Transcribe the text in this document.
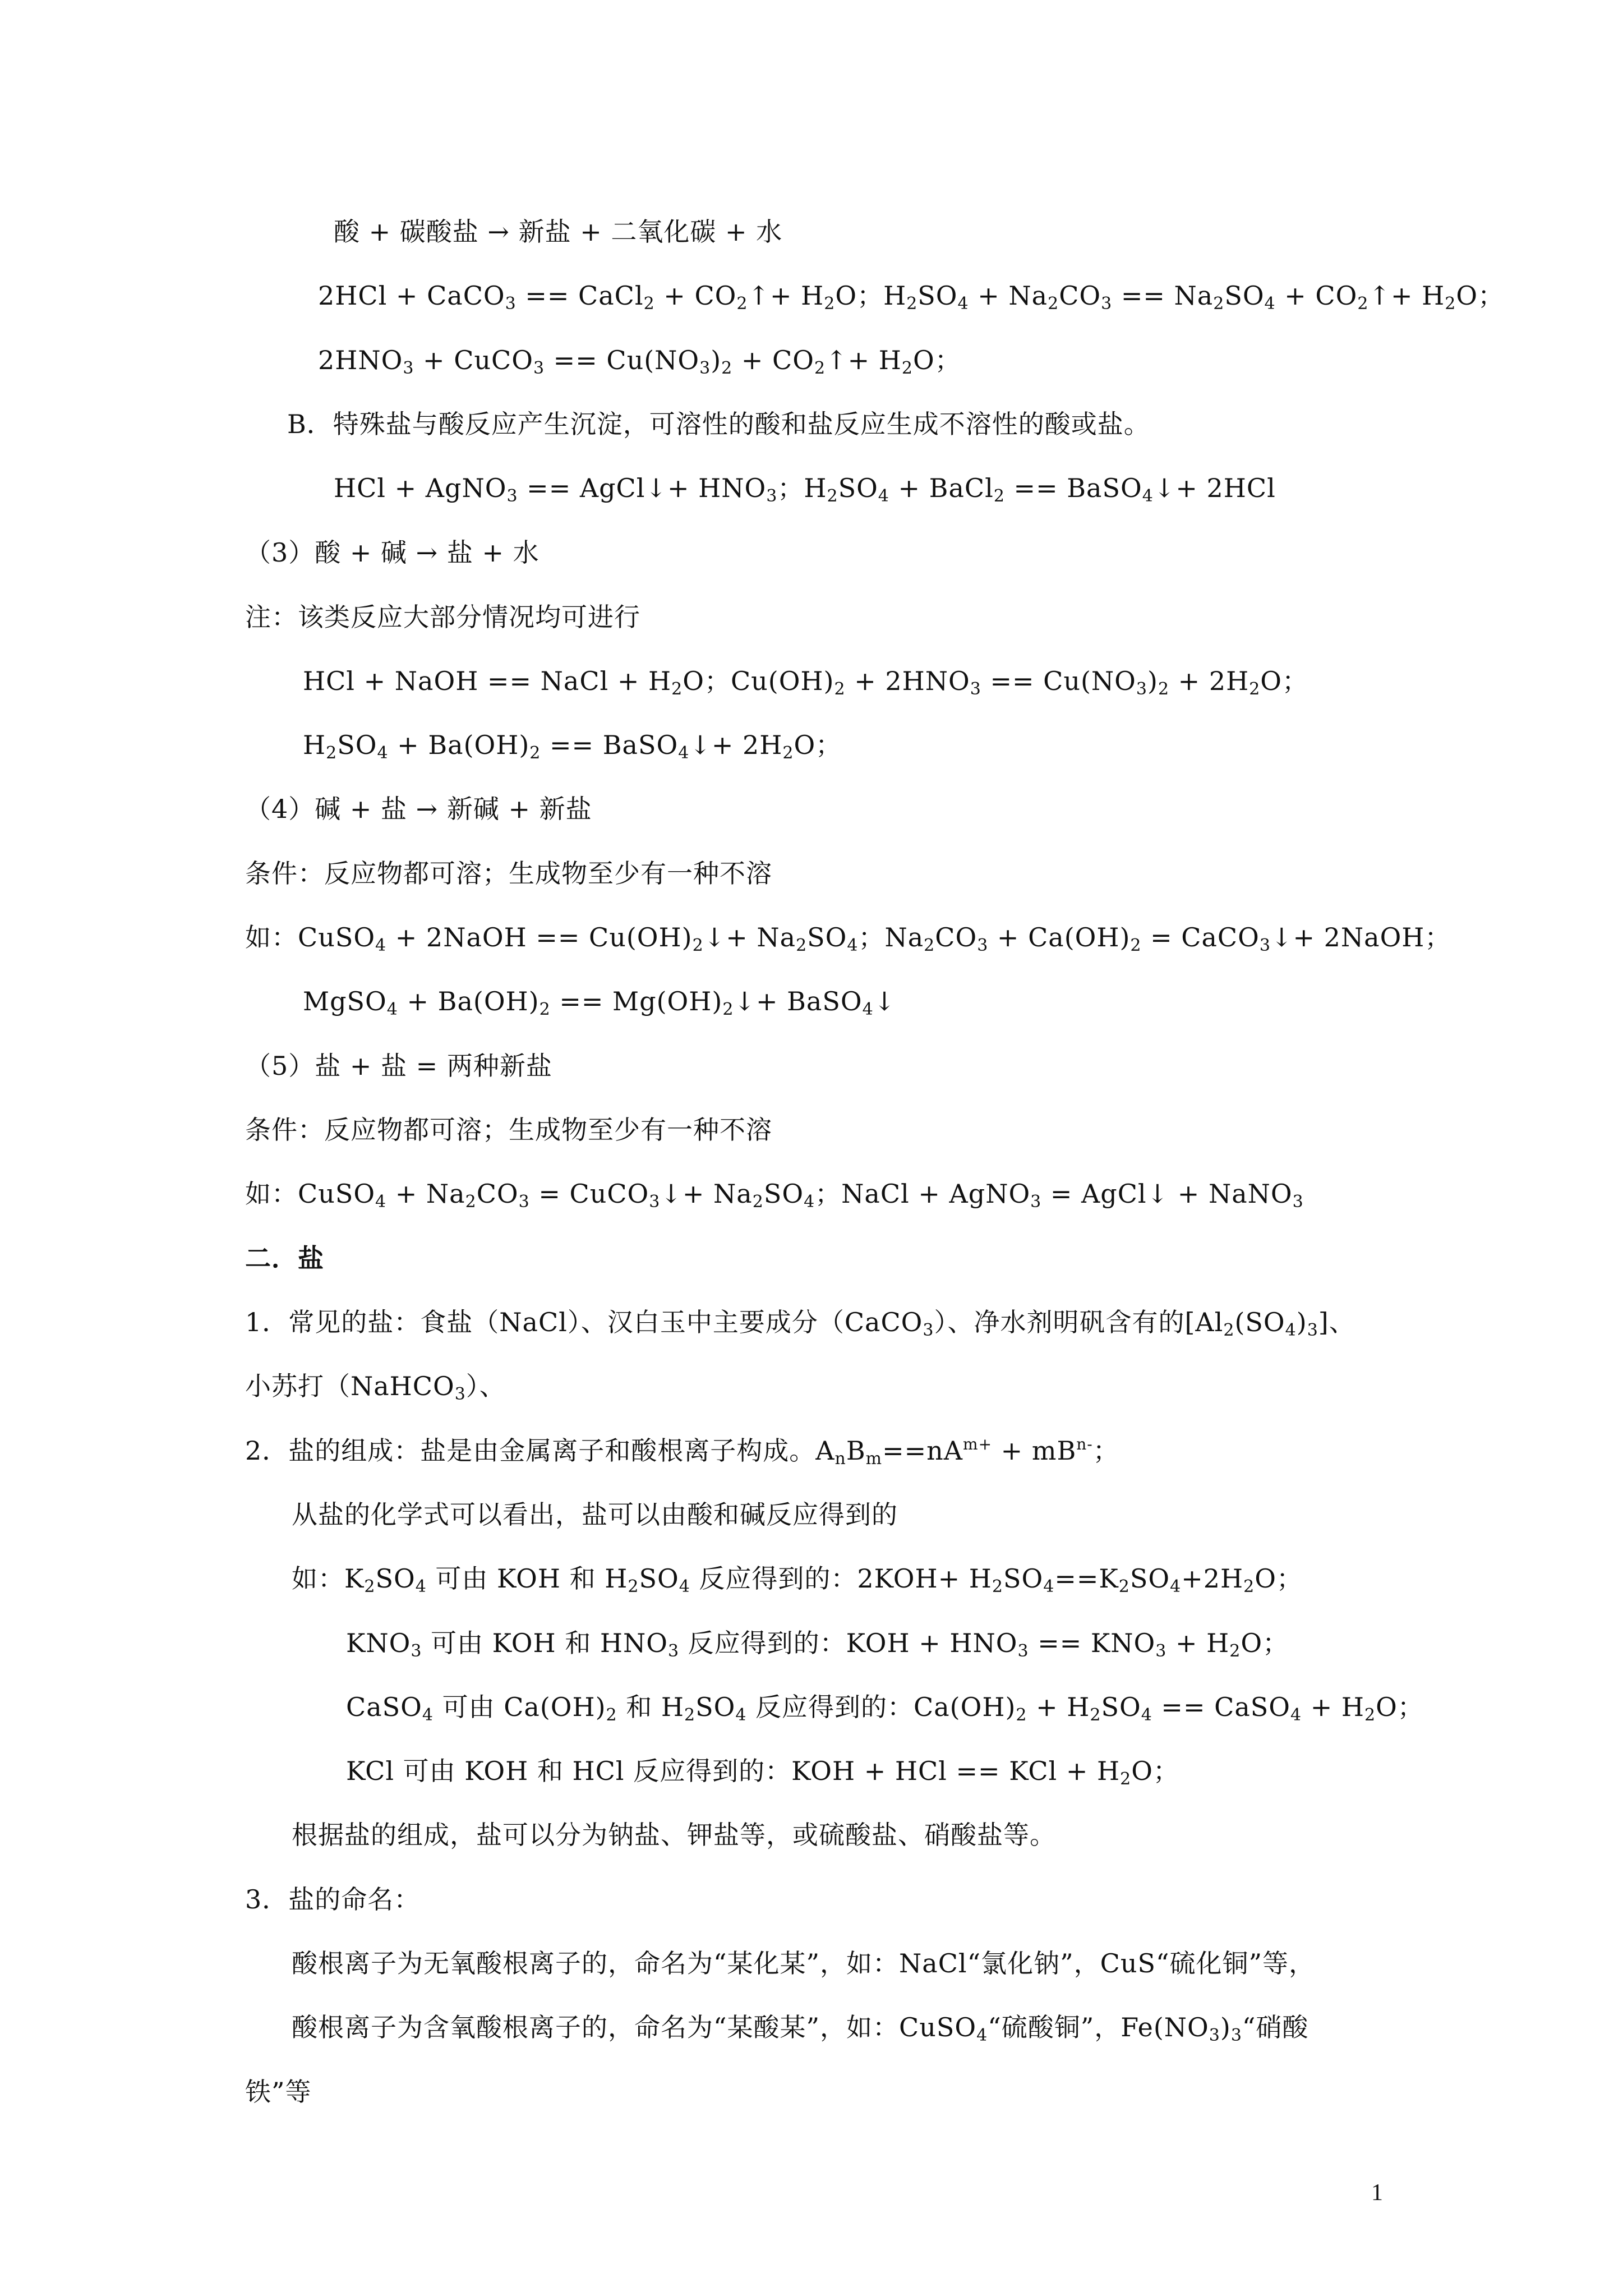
酸 + 碳酸盐 → 新盐 + 二氧化碳 + 水
2HCl + CaCO$_3$ == CaCl$_2$ + $CO_2↑+ H_2O$；$H_2SO_4 + Na_2CO_3 == Na_2SO_4$ + $CO_2↑+ H_2O$；
$2HNO_3$ + CuCO$_3$ == $Cu(NO_3)_2$ + $CO_2↑+ H_2O$；
B．特殊盐与酸反应产生沉淀，可溶性的酸和盐反应生成不溶性的酸或盐。
HCl + AgNO$_3$ == AgCl↓+ $HNO_3$；$H_2SO_4$ + BaCl$_2$ == BaSO$_4$↓+ 2HCl
（3）酸 + 碱 → 盐 + 水
注：该类反应大部分情况均可进行
HCl + NaOH == NaCl + $H_2O$；$Cu(OH)_2 + 2HNO_3 == Cu(NO_3)_2 + 2H_2O$；
$H_2SO_4 + Ba(OH)_2$ == BaSO$_4$↓+ $2H_2O$；
（4）碱 + 盐 → 新碱 + 新盐
条件：反应物都可溶；生成物至少有一种不溶
如：CuSO$_4$ + 2NaOH == $Cu(OH)_2↓+ Na_2SO_4$；$Na_2CO_3 + Ca(OH)_2$ = CaCO$_3$↓+ 2NaOH；
MgSO$_4$ + $Ba(OH)_2$ == $Mg(OH)_2↓+$ BaSO$_4$↓
（5）盐 + 盐 = 两种新盐
条件：反应物都可溶；生成物至少有一种不溶
如：CuSO$_4$ + $Na_2CO_3$ = CuCO$_3$↓+ $Na_2SO_4$；NaCl + AgNO$_3$ = AgCl↓ + NaNO$_3$
二．盐
1．常见的盐：食盐（NaCl）、汉白玉中主要成分（CaCO$_3$）、净水剂明矾含有的$[Al_2(SO_4)_3]$、
小苏打（NaHCO$_3$）、
2．盐的组成：盐是由金属离子和酸根离子构成。$A_nB_m==nA^{m+} + mB^{n-}$；
从盐的化学式可以看出，盐可以由酸和碱反应得到的
如：$K_2SO_4$ 可由 KOH 和 $H_2SO_4$ 反应得到的：$2KOH+ H_2SO_4==K_2SO_4+2H_2O$；
$KNO_3$ 可由 KOH 和 $HNO_3$ 反应得到的：KOH + $HNO_3 == KNO_3 + H_2O$；
CaSO$_4$ 可由 $Ca(OH)_2$ 和 $H_2SO_4$ 反应得到的：$Ca(OH)_2 + H_2SO_4$ == CaSO$_4$ + $H_2O$；
KCl 可由 KOH 和 HCl 反应得到的：KOH + HCl == KCl + $H_2O$；
根据盐的组成，盐可以分为钠盐、钾盐等，或硫酸盐、硝酸盐等。
3．盐的命名：
酸根离子为无氧酸根离子的，命名为“某化某”，如：NaCl“氯化钠”，CuS“硫化铜”等，
酸根离子为含氧酸根离子的，命名为“某酸某”，如：CuSO$_4$“硫酸铜”，$Fe(NO_3)_3“$硝酸
铁”等
1
